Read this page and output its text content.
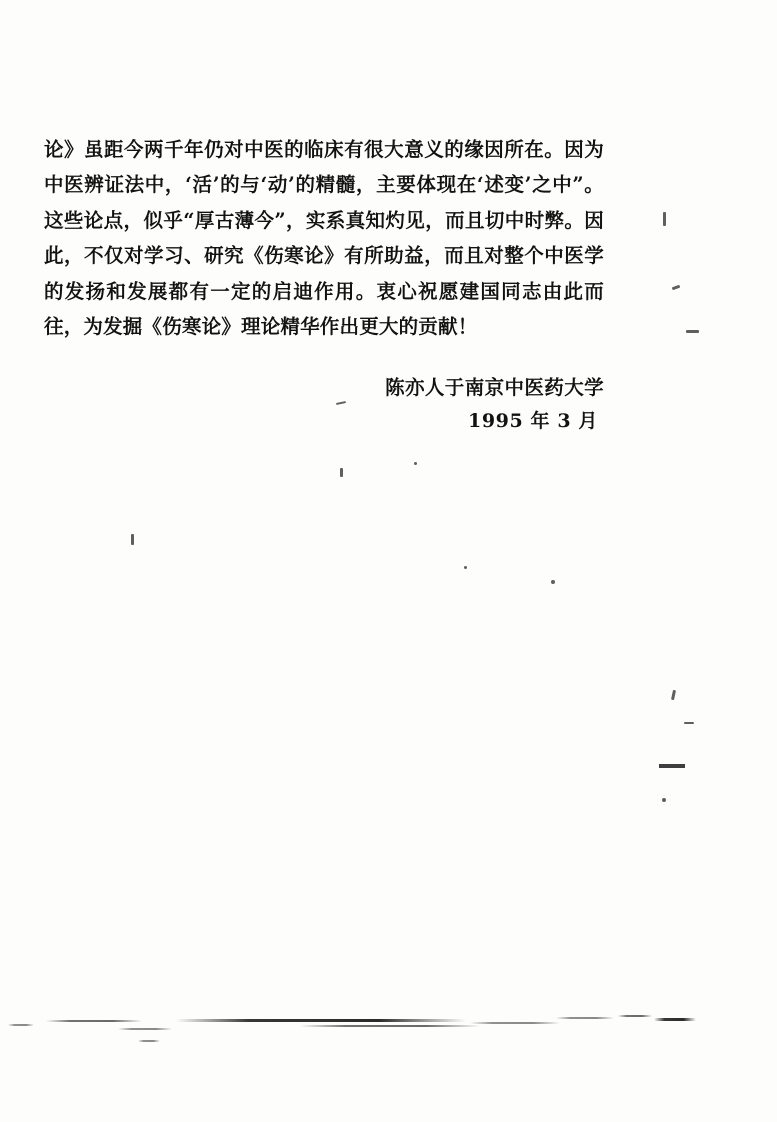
论》虽距今两千年仍对中医的临床有很大意义的缘因所在。因为中医辨证法中，‘活’的与‘动’的精髓，主要体现在‘述变’之中”。这些论点，似乎“厚古薄今”，实系真知灼见，而且切中时弊。因此，不仅对学习、研究《伤寒论》有所助益，而且对整个中医学的发扬和发展都有一定的启迪作用。衷心祝愿建国同志由此而往，为发掘《伤寒论》理论精华作出更大的贡献！

陈亦人于南京中医药大学
1995 年 3 月
